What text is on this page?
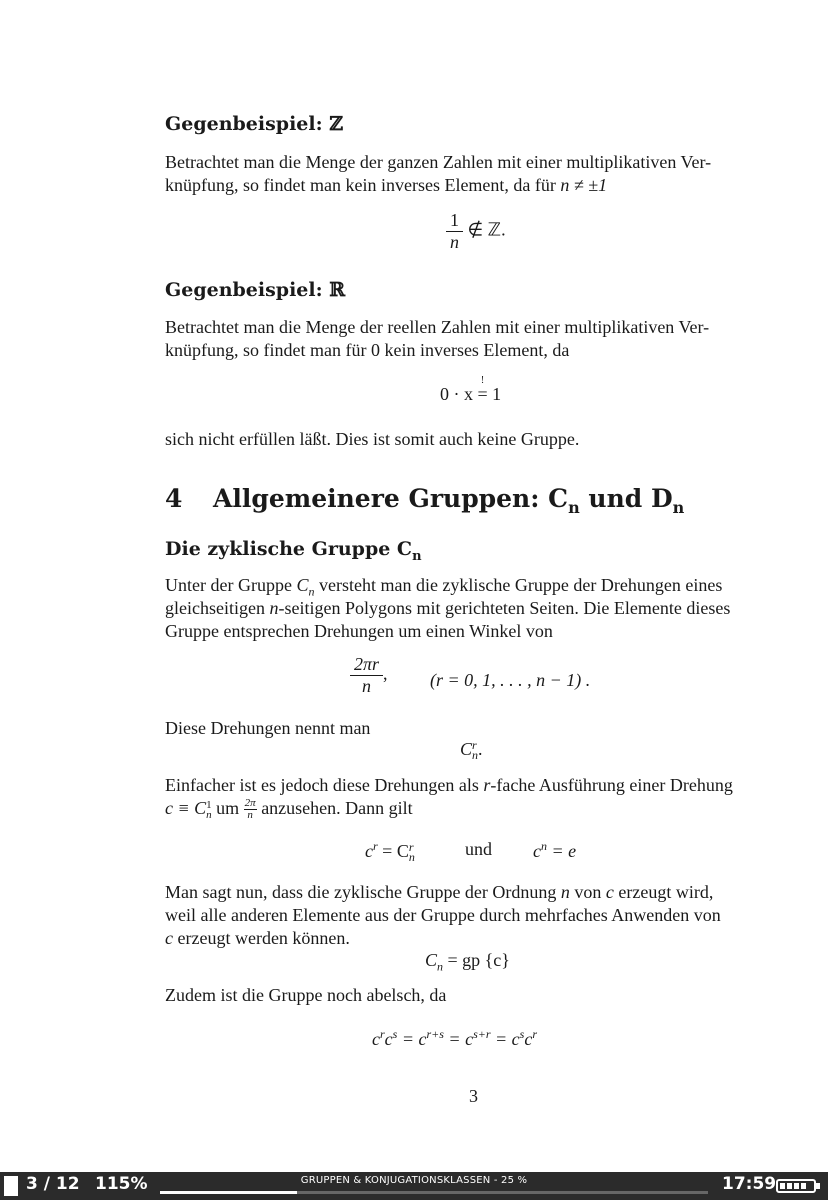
Gegenbeispiel: ℤ
Betrachtet man die Menge der ganzen Zahlen mit einer multiplikativen Ver-
knüpfung, so findet man kein inverses Element, da für n ≠ ±1
$\frac{1}{n}$ ∉ ℤ.
Gegenbeispiel: ℝ
Betrachtet man die Menge der reellen Zahlen mit einer multiplikativen Ver-
knüpfung, so findet man für 0 kein inverses Element, da
0 · x
!
= 1
sich nicht erfüllen läßt. Dies ist somit auch keine Gruppe.
4 Allgemeinere Gruppen: $C_n$ und $D_n$
Die zyklische Gruppe $C_n$
Unter der Gruppe $C_n$ versteht man die zyklische Gruppe der Drehungen eines
gleichseitigen n-seitigen Polygons mit gerichteten Seiten. Die Elemente dieses
Gruppe entsprechen Drehungen um einen Winkel von
$\frac{2\pi r}{n}$ , (r = 0, 1, . . . , n − 1) .
Diese Drehungen nennt man
C r
n .
Einfacher ist es jedoch diese Drehungen als r-fache Ausführung einer Drehung
c ≡ C 1
n um $\frac{2\pi}{n}$ anzusehen. Dann gilt
$c^r = C$ r
n	und $c^n = e$
Man sagt nun, dass die zyklische Gruppe der Ordnung n von c erzeugt wird,
weil alle anderen Elemente aus der Gruppe durch mehrfaches Anwenden von
c erzeugt werden können.
$C_n$ = gp {c}
Zudem ist die Gruppe noch abelsch, da
$c^rc^s = c^{r+s} = c^{s+r} = c^sc^r$
3
3 / 12 115%	GRUPPEN & KONJUGATIONSKLASSEN - 25 %	17:59
